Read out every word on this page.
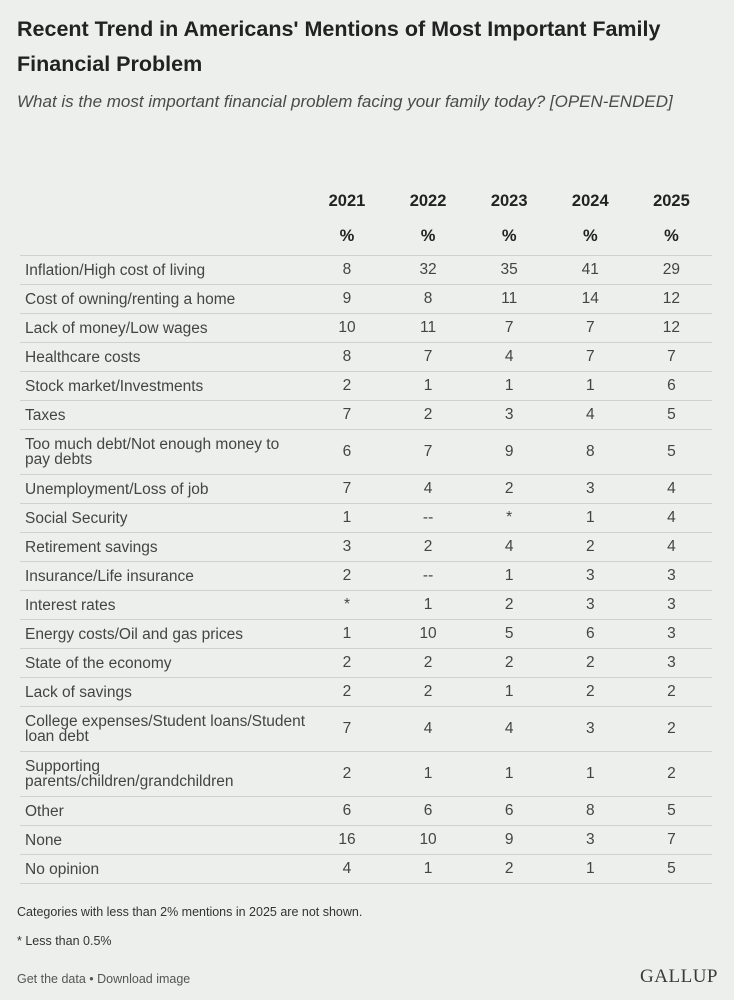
Recent Trend in Americans' Mentions of Most Important Family Financial Problem

What is the most important financial problem facing your family today? [OPEN-ENDED]

	2021	2022	2023	2024	2025
	%	%	%	%	%
Inflation/High cost of living	8	32	35	41	29
Cost of owning/renting a home	9	8	11	14	12
Lack of money/Low wages	10	11	7	7	12
Healthcare costs	8	7	4	7	7
Stock market/Investments	2	1	1	1	6
Taxes	7	2	3	4	5
Too much debt/Not enough money to pay debts	6	7	9	8	5
Unemployment/Loss of job	7	4	2	3	4
Social Security	1	--	*	1	4
Retirement savings	3	2	4	2	4
Insurance/Life insurance	2	--	1	3	3
Interest rates	*	1	2	3	3
Energy costs/Oil and gas prices	1	10	5	6	3
State of the economy	2	2	2	2	3
Lack of savings	2	2	1	2	2
College expenses/Student loans/Student loan debt	7	4	4	3	2
Supporting parents/children/grandchildren	2	1	1	1	2
Other	6	6	6	8	5
None	16	10	9	3	7
No opinion	4	1	2	1	5

Categories with less than 2% mentions in 2025 are not shown.

* Less than 0.5%

Get the data • Download image	GALLUP
